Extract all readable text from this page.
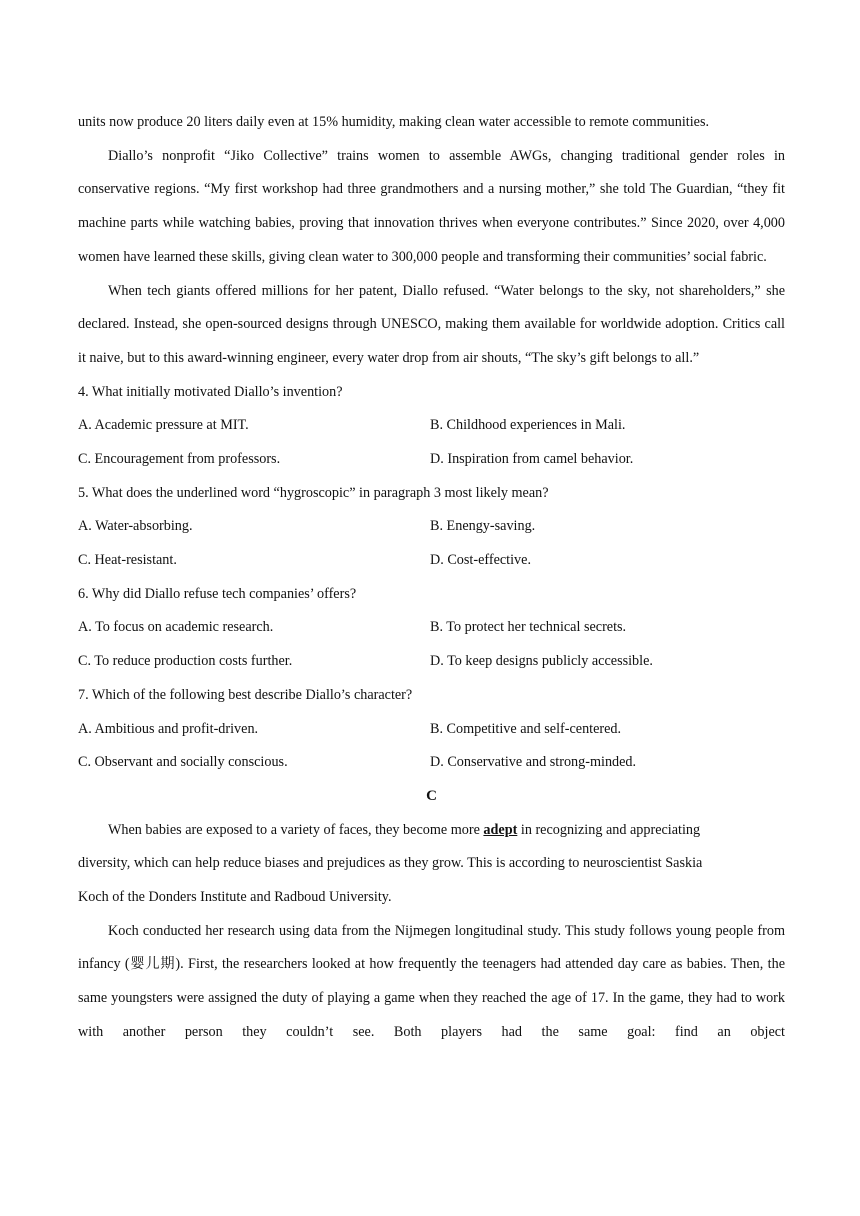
units now produce 20 liters daily even at 15% humidity, making clean water accessible to remote communities.
Diallo’s nonprofit “Jiko Collective” trains women to assemble AWGs, changing traditional gender roles in conservative regions. “My first workshop had three grandmothers and a nursing mother,” she told The Guardian, “they fit machine parts while watching babies, proving that innovation thrives when everyone contributes.” Since 2020, over 4,000 women have learned these skills, giving clean water to 300,000 people and transforming their communities’ social fabric.
When tech giants offered millions for her patent, Diallo refused. “Water belongs to the sky, not shareholders,” she declared. Instead, she open-sourced designs through UNESCO, making them available for worldwide adoption. Critics call it naive, but to this award-winning engineer, every water drop from air shouts, “The sky’s gift belongs to all.”
4. What initially motivated Diallo’s invention?
A. Academic pressure at MIT.	B. Childhood experiences in Mali.
C. Encouragement from professors.	D. Inspiration from camel behavior.
5. What does the underlined word “hygroscopic” in paragraph 3 most likely mean?
A. Water-absorbing.	B. Enengy-saving.
C. Heat-resistant.	D. Cost-effective.
6. Why did Diallo refuse tech companies’ offers?
A. To focus on academic research.	B. To protect her technical secrets.
C. To reduce production costs further.	D. To keep designs publicly accessible.
7. Which of the following best describe Diallo’s character?
A. Ambitious and profit-driven.	B. Competitive and self-centered.
C. Observant and socially conscious.	D. Conservative and strong-minded.
C
When babies are exposed to a variety of faces, they become more adept in recognizing and appreciating
diversity, which can help reduce biases and prejudices as they grow. This is according to neuroscientist Saskia
Koch of the Donders Institute and Radboud University.
Koch conducted her research using data from the Nijmegen longitudinal study. This study follows young people from infancy (婴儿期). First, the researchers looked at how frequently the teenagers had attended day care as babies. Then, the same youngsters were assigned the duty of playing a game when they reached the age of 17. In the game, they had to work with another person they couldn’t see. Both players had the same goal: find an object
